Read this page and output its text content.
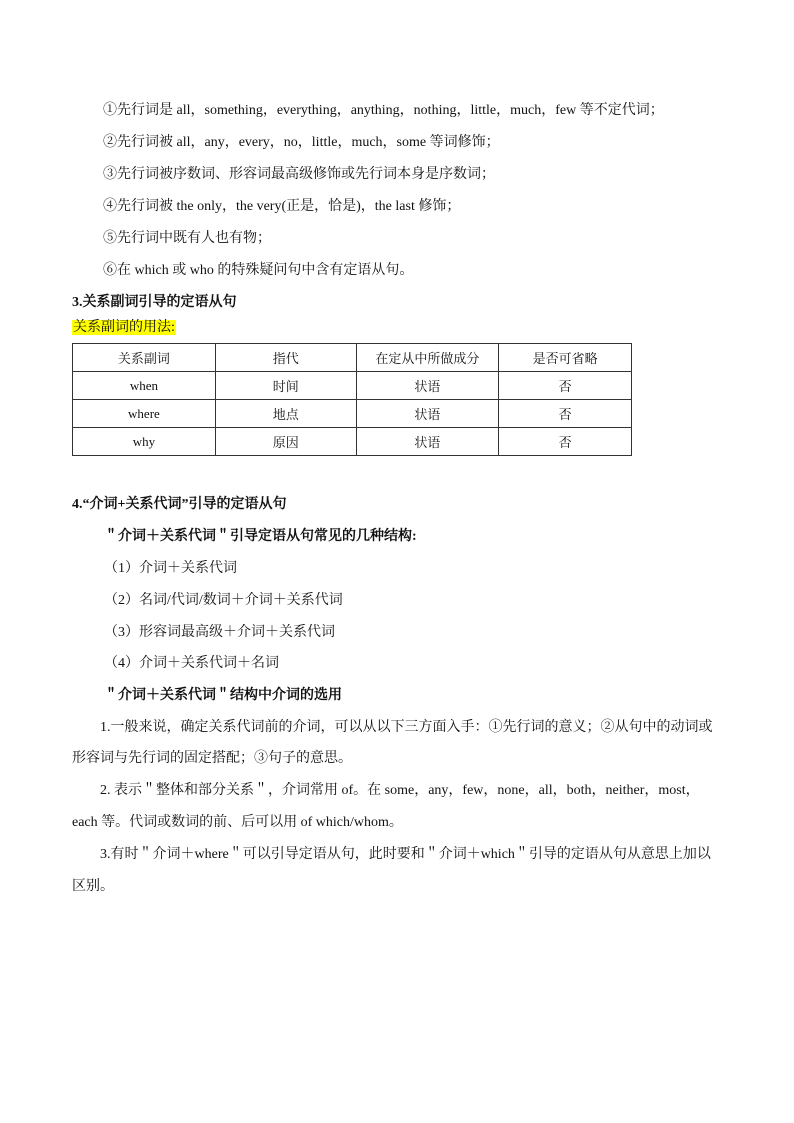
①先行词是 all，something，everything，anything，nothing，little，much，few 等不定代词；
②先行词被 all，any，every，no，little，much，some 等词修饰；
③先行词被序数词、形容词最高级修饰或先行词本身是序数词；
④先行词被 the only，the very(正是，恰是)，the last 修饰；
⑤先行词中既有人也有物；
⑥在 which 或 who 的特殊疑问句中含有定语从句。
3.关系副词引导的定语从句
关系副词的用法:
关系副词	指代	在定从中所做成分	是否可省略
when	时间	状语	否
where	地点	状语	否
why	原因	状语	否
4.“介词+关系代词”引导的定语从句
＂介词＋关系代词＂引导定语从句常见的几种结构:
（1）介词＋关系代词
（2）名词/代词/数词＋介词＋关系代词
（3）形容词最高级＋介词＋关系代词
（4）介词＋关系代词＋名词
＂介词＋关系代词＂结构中介词的选用
1.一般来说，确定关系代词前的介词，可以从以下三方面入手：①先行词的意义；②从句中的动词或
形容词与先行词的固定搭配；③句子的意思。
2. 表示＂整体和部分关系＂，介词常用 of。在 some，any，few，none，all，both，neither，most，
each 等。代词或数词的前、后可以用 of which/whom。
3.有时＂介词＋where＂可以引导定语从句，此时要和＂介词＋which＂引导的定语从句从意思上加以
区别。
